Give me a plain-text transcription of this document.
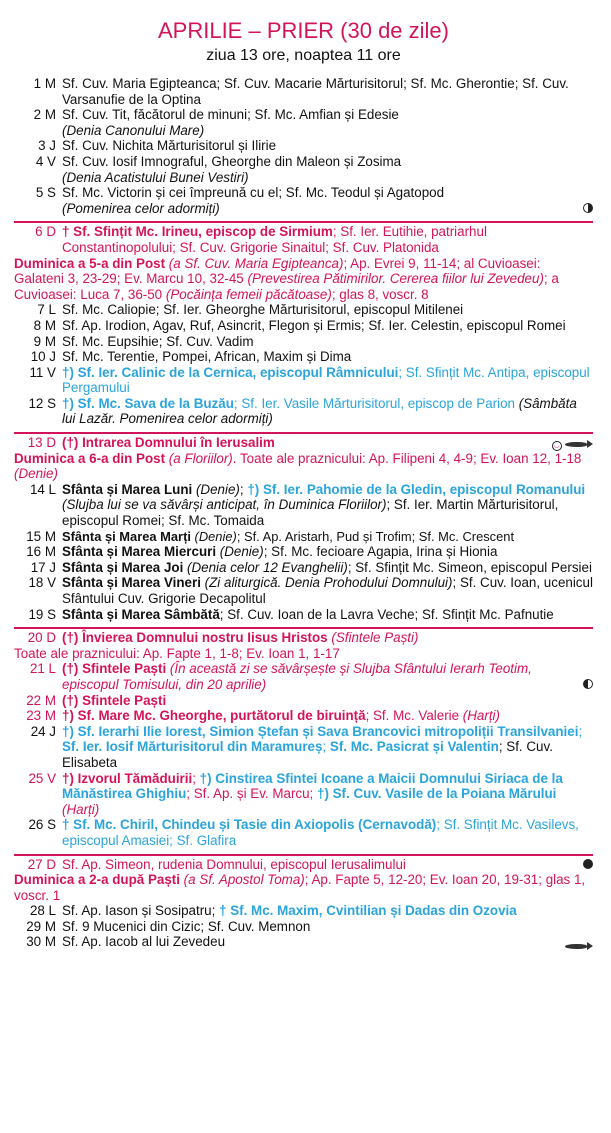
APRILIE – PRIER (30 de zile)
ziua 13 ore, noaptea 11 ore
1 M Sf. Cuv. Maria Egipteanca; Sf. Cuv. Macarie Mărturisitorul; Sf. Mc. Gherontie; Sf. Cuv. Varsanufie de la Optina
2 M Sf. Cuv. Tit, făcătorul de minuni; Sf. Mc. Amfian și Edesie
(Denia Canonului Mare)
3 J Sf. Cuv. Nichita Mărturisitorul și Ilirie
4 V Sf. Cuv. Iosif Imnograful, Gheorghe din Maleon și Zosima
(Denia Acatistului Bunei Vestiri)
5 S Sf. Mc. Victorin și cei împreună cu el; Sf. Mc. Teodul și Agatopod
(Pomenirea celor adormiți)
6 D † Sf. Sfințit Mc. Irineu, episcop de Sirmium; Sf. Ier. Eutihie, patriarhul Constantinopolului; Sf. Cuv. Grigorie Sinaitul; Sf. Cuv. Platonida
Duminica a 5-a din Post (a Sf. Cuv. Maria Egipteanca); Ap. Evrei 9, 11-14; al Cuvioasei: Galateni 3, 23-29; Ev. Marcu 10, 32-45 (Prevestirea Pătimirilor. Cererea fiilor lui Zevedeu); a Cuvioasei: Luca 7, 36-50 (Pocăința femeii păcătoase); glas 8, voscr. 8
7 L Sf. Mc. Caliopie; Sf. Ier. Gheorghe Mărturisitorul, episcopul Mitilenei
8 M Sf. Ap. Irodion, Agav, Ruf, Asincrit, Flegon și Ermis; Sf. Ier. Celestin, episcopul Romei
9 M Sf. Mc. Eupsihie; Sf. Cuv. Vadim
10 J Sf. Mc. Terentie, Pompei, African, Maxim și Dima
11 V †) Sf. Ier. Calinic de la Cernica, episcopul Râmnicului; Sf. Sfințit Mc. Antipa, episcopul Pergamului
12 S †) Sf. Mc. Sava de la Buzău; Sf. Ier. Vasile Mărturisitorul, episcop de Parion (Sâmbăta lui Lazăr. Pomenirea celor adormiți)
13 D (†) Intrarea Domnului în Ierusalim	◡
Duminica a 6-a din Post (a Floriilor). Toate ale praznicului: Ap. Filipeni 4, 4-9; Ev. Ioan 12, 1-18 (Denie)
14 L Sfânta și Marea Luni (Denie); †) Sf. Ier. Pahomie de la Gledin, episcopul Romanului (Slujba lui se va săvârși anticipat, în Duminica Floriilor); Sf. Ier. Martin Mărturisitorul, episcopul Romei; Sf. Mc. Tomaida
15 M Sfânta și Marea Marți (Denie); Sf. Ap. Aristarh, Pud și Trofim; Sf. Mc. Crescent
16 M Sfânta și Marea Miercuri (Denie); Sf. Mc. fecioare Agapia, Irina și Hionia
17 J Sfânta și Marea Joi (Denia celor 12 Evanghelii); Sf. Sfințit Mc. Simeon, episcopul Persiei
18 V Sfânta și Marea Vineri (Zi aliturgică. Denia Prohodului Domnului); Sf. Cuv. Ioan, ucenicul Sfântului Cuv. Grigorie Decapolitul
19 S Sfânta și Marea Sâmbătă; Sf. Cuv. Ioan de la Lavra Veche; Sf. Sfințit Mc. Pafnutie
20 D (†) Învierea Domnului nostru Iisus Hristos (Sfintele Paști)
Toate ale praznicului: Ap. Fapte 1, 1-8; Ev. Ioan 1, 1-17
21 L (†) Sfintele Paști (În această zi se săvârșește și Slujba Sfântului Ierarh Teotim, episcopul Tomisului, din 20 aprilie)
22 M (†) Sfintele Paști
23 M †) Sf. Mare Mc. Gheorghe, purtătorul de biruință; Sf. Mc. Valerie (Harți)
24 J †) Sf. Ierarhi Ilie Iorest, Simion Ștefan și Sava Brancovici mitropoliții Transilvaniei; Sf. Ier. Iosif Mărturisitorul din Maramureș; Sf. Mc. Pasicrat și Valentin; Sf. Cuv. Elisabeta
25 V †) Izvorul Tămăduirii; †) Cinstirea Sfintei Icoane a Maicii Domnului Siriaca de la Mănăstirea Ghighiu; Sf. Ap. și Ev. Marcu; †) Sf. Cuv. Vasile de la Poiana Mărului (Harți)
26 S † Sf. Mc. Chiril, Chindeu și Tasie din Axiopolis (Cernavodă); Sf. Sfințit Mc. Vasilevs, episcopul Amasiei; Sf. Glafira
27 D Sf. Ap. Simeon, rudenia Domnului, episcopul Ierusalimului
Duminica a 2-a după Paști (a Sf. Apostol Toma); Ap. Fapte 5, 12-20; Ev. Ioan 20, 19-31; glas 1, voscr. 1
28 L Sf. Ap. Iason și Sosipatru; † Sf. Mc. Maxim, Cvintilian și Dadas din Ozovia
29 M Sf. 9 Mucenici din Cizic; Sf. Cuv. Memnon
30 M Sf. Ap. Iacob al lui Zevedeu
